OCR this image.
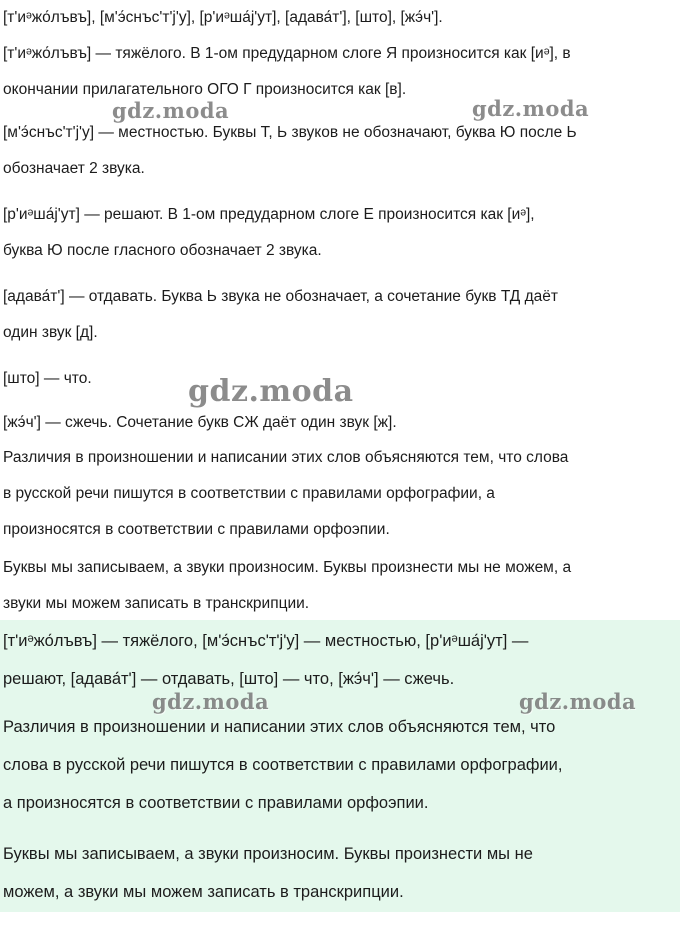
[т'иᵊжо́лъвъ] — тяжёлого, [м'э́снъс'т'j'у] — местностью, [р'иᵊша́j'ут] —

решают, [адава́т'] — отдавать, [што] — что, [жэ́ч'] — сжечь.

Различия в произношении и написании этих слов объясняются тем, что

слова в русской речи пишутся в соответствии с правилами орфографии,

а произносятся в соответствии с правилами орфоэпии.

Буквы мы записываем, а звуки произносим. Буквы произнести мы не

можем, а звуки мы можем записать в транскрипции.

[т'иᵊжо́лъвъ], [м'э́снъс'т'j'у], [р'иᵊша́j'ут], [адава́т'], [што], [жэ́ч'].

[т'иᵊжо́лъвъ] — тяжёлого. В 1-ом предударном слоге Я произносится как [иᵊ], в

окончании прилагательного ОГО Г произносится как [в].

[м'э́снъс'т'j'у] — местностью. Буквы Т, Ь звуков не обозначают, буква Ю после Ь

обозначает 2 звука.

[р'иᵊша́j'ут] — решают. В 1-ом предударном слоге Е произносится как [иᵊ],

буква Ю после гласного обозначает 2 звука.

[адава́т'] — отдавать. Буква Ь звука не обозначает, а сочетание букв ТД даёт

один звук [д].

[што] — что.

[жэ́ч'] — сжечь. Сочетание букв СЖ даёт один звук [ж].

Различия в произношении и написании этих слов объясняются тем, что слова

в русской речи пишутся в соответствии с правилами орфографии, а

произносятся в соответствии с правилами орфоэпии.

Буквы мы записываем, а звуки произносим. Буквы произнести мы не можем, а

звуки мы можем записать в транскрипции.

gdz.moda	gdz.moda

gdz.moda

gdz.moda	gdz.moda
